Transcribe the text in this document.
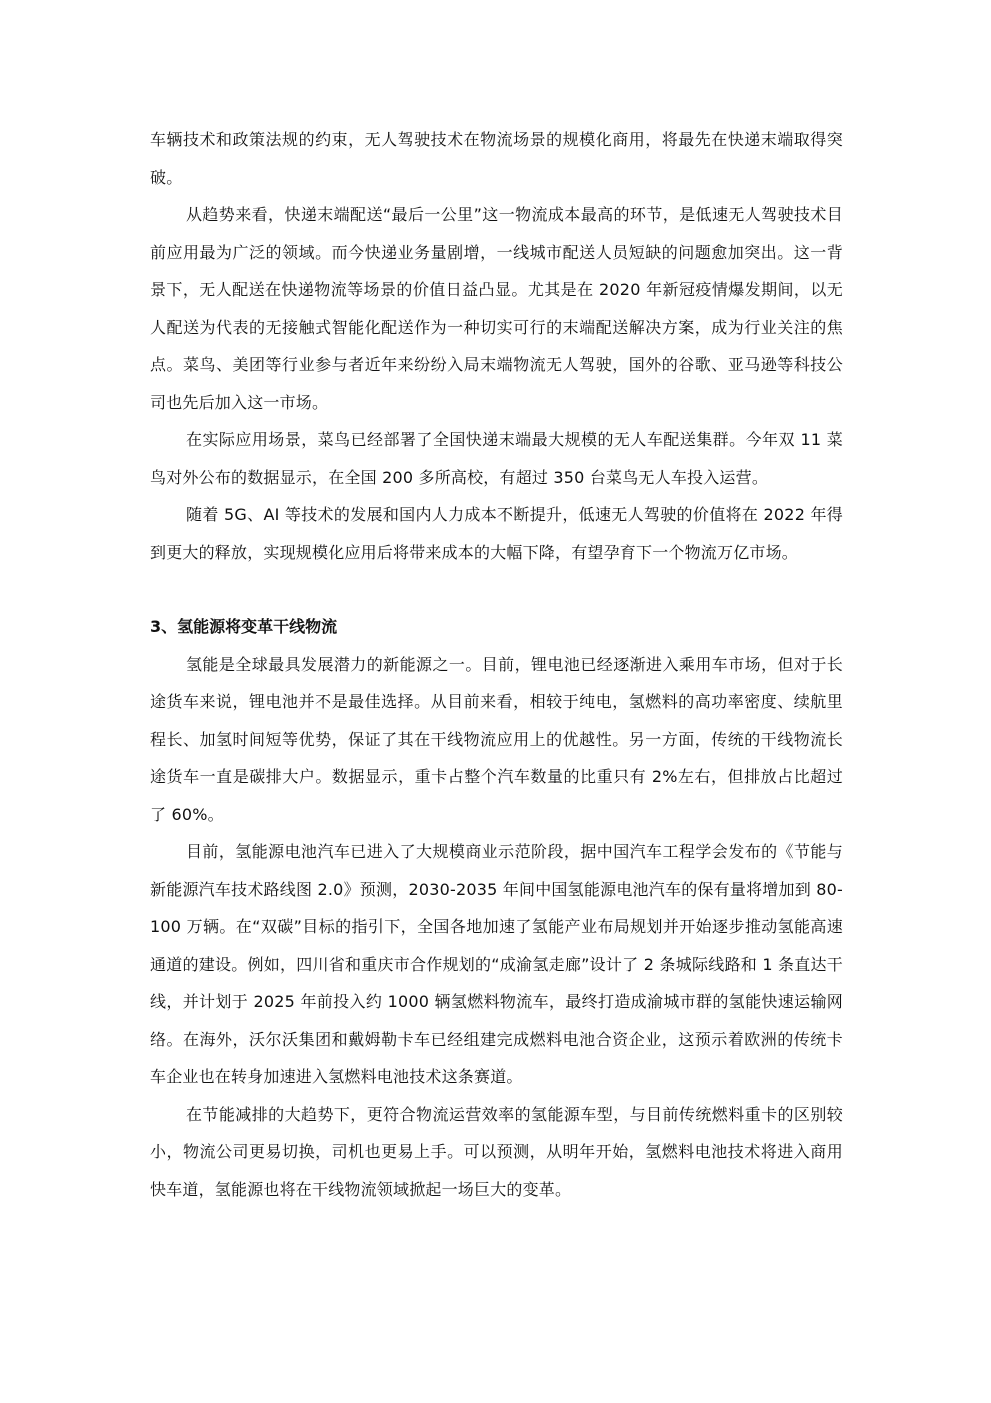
车辆技术和政策法规的约束，无人驾驶技术在物流场景的规模化商用，将最先在快递末端取得突破。

从趋势来看，快递末端配送“最后一公里”这一物流成本最高的环节，是低速无人驾驶技术目前应用最为广泛的领域。而今快递业务量剧增，一线城市配送人员短缺的问题愈加突出。这一背景下，无人配送在快递物流等场景的价值日益凸显。尤其是在 2020 年新冠疫情爆发期间，以无人配送为代表的无接触式智能化配送作为一种切实可行的末端配送解决方案，成为行业关注的焦点。菜鸟、美团等行业参与者近年来纷纷入局末端物流无人驾驶，国外的谷歌、亚马逊等科技公司也先后加入这一市场。

在实际应用场景，菜鸟已经部署了全国快递末端最大规模的无人车配送集群。今年双 11 菜鸟对外公布的数据显示，在全国 200 多所高校，有超过 350 台菜鸟无人车投入运营。

随着 5G、AI 等技术的发展和国内人力成本不断提升，低速无人驾驶的价值将在 2022 年得到更大的释放，实现规模化应用后将带来成本的大幅下降，有望孕育下一个物流万亿市场。

3、氢能源将变革干线物流

氢能是全球最具发展潜力的新能源之一。目前，锂电池已经逐渐进入乘用车市场，但对于长途货车来说，锂电池并不是最佳选择。从目前来看，相较于纯电，氢燃料的高功率密度、续航里程长、加氢时间短等优势，保证了其在干线物流应用上的优越性。另一方面，传统的干线物流长途货车一直是碳排大户。数据显示，重卡占整个汽车数量的比重只有 2%左右，但排放占比超过了 60%。

目前，氢能源电池汽车已进入了大规模商业示范阶段，据中国汽车工程学会发布的《节能与新能源汽车技术路线图 2.0》预测，2030-2035 年间中国氢能源电池汽车的保有量将增加到 80-100 万辆。在“双碳”目标的指引下，全国各地加速了氢能产业布局规划并开始逐步推动氢能高速通道的建设。例如，四川省和重庆市合作规划的“成渝氢走廊”设计了 2 条城际线路和 1 条直达干线，并计划于 2025 年前投入约 1000 辆氢燃料物流车，最终打造成渝城市群的氢能快速运输网络。在海外，沃尔沃集团和戴姆勒卡车已经组建完成燃料电池合资企业，这预示着欧洲的传统卡车企业也在转身加速进入氢燃料电池技术这条赛道。

在节能减排的大趋势下，更符合物流运营效率的氢能源车型，与目前传统燃料重卡的区别较小，物流公司更易切换，司机也更易上手。可以预测，从明年开始，氢燃料电池技术将进入商用快车道，氢能源也将在干线物流领域掀起一场巨大的变革。
